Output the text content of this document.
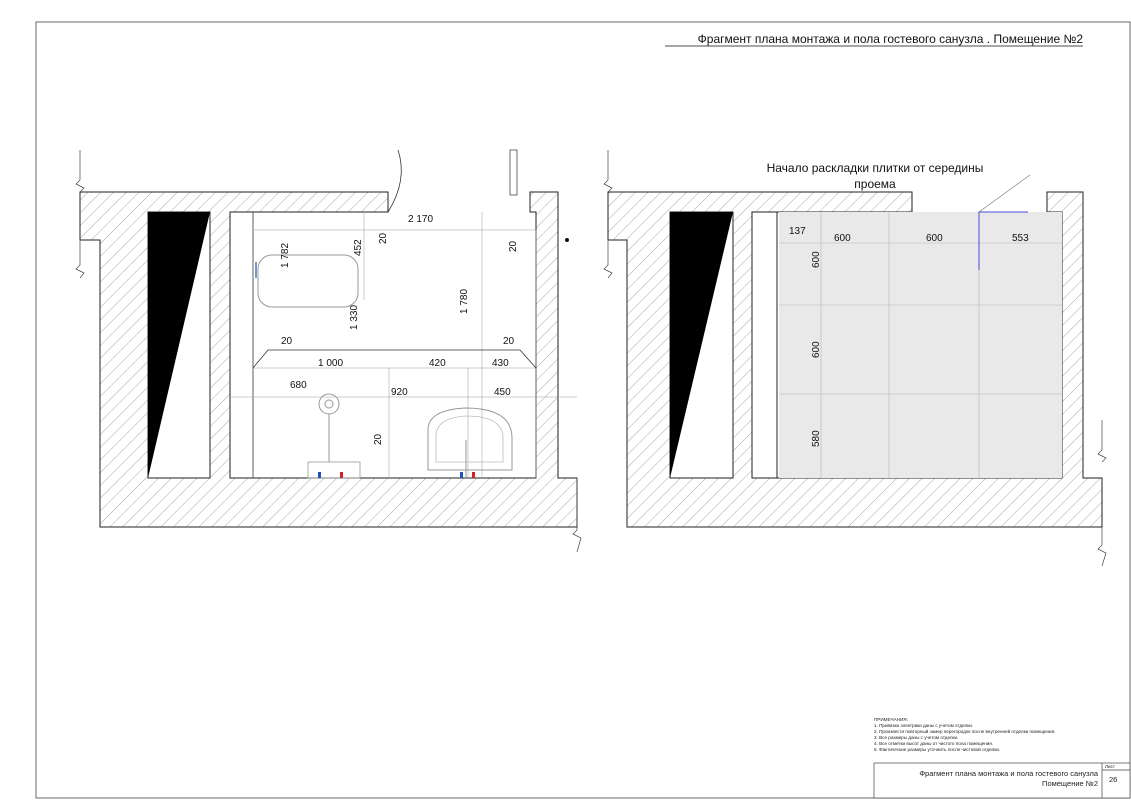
Фрагмент плана монтажа и пола гостевого санузла . Помещение №2
2 170
20
20
1 782	452
1 330
1 780
20	20
1 000	420	430
680
920	450
20
Начало раскладки плитки от середины
проема
137
600	600	553
600
600
580
ПРИМЕЧАНИЯ:
1. Привязки электрики даны с учетом отделки.
2. Произвести повторный замер перегородок после внутренней отделки помещения.
3. Все размеры даны с учетом отделки.
4. Все отметки высот даны от чистого пола помещения.
5. Фактические размеры уточнить после чистовой отделки.
Фрагмент плана монтажа и пола гостевого санузла
Помещение №2
Лист
26
